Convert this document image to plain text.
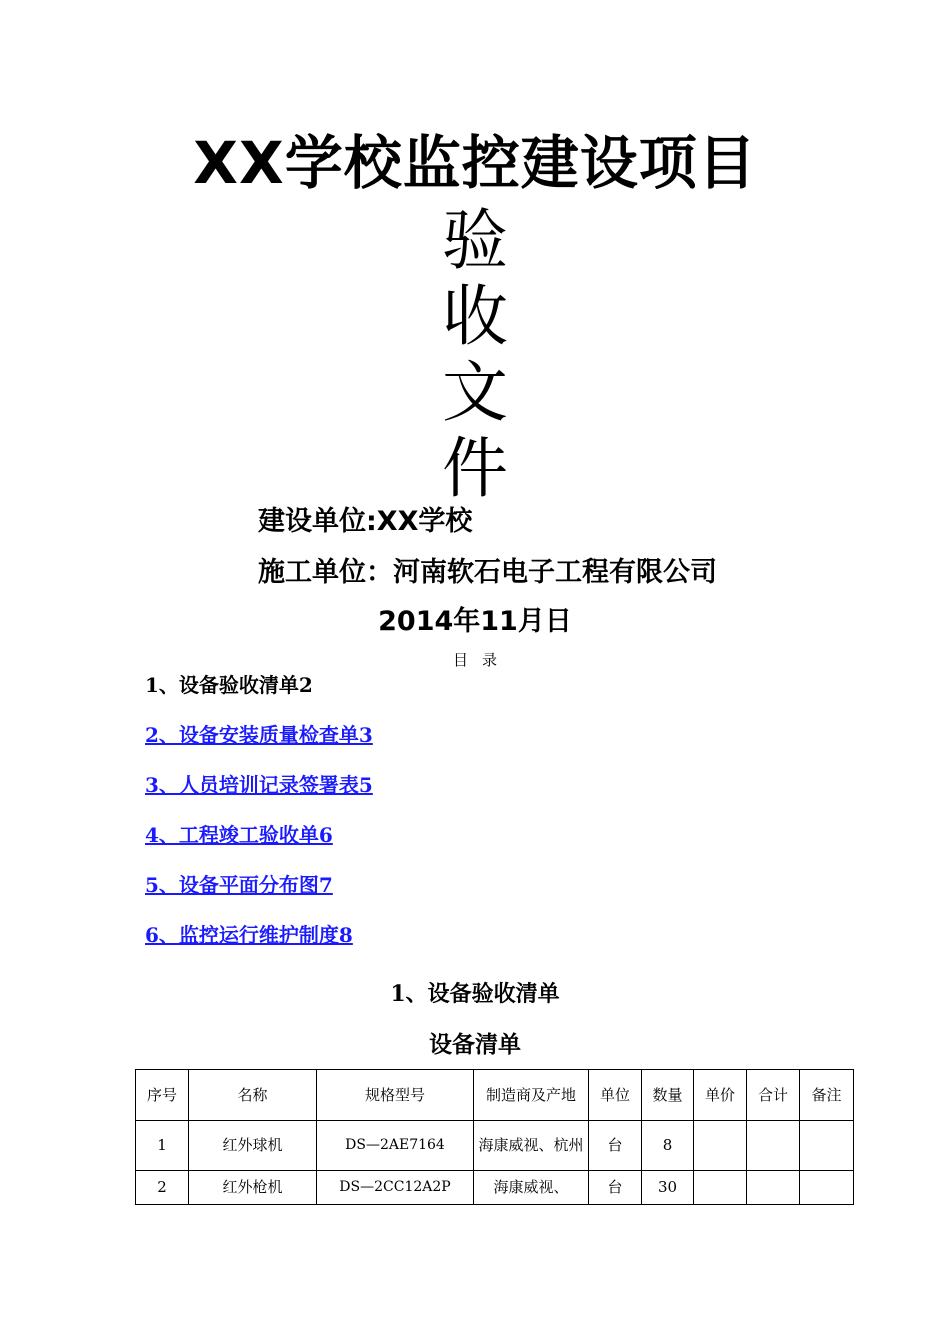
XX学校监控建设项目
验
收
文
件
建设单位:XX学校
施工单位：河南软石电子工程有限公司
2014年11月日
目录
1、设备验收清单2
2、设备安装质量检查单3
3、人员培训记录签署表5
4、工程竣工验收单6
5、设备平面分布图7
6、监控运行维护制度8
1、设备验收清单
设备清单
序号	名称	规格型号	制造商及产地	单位	数量	单价	合计	备注
1	红外球机	DS—2AE7164	海康威视、杭州	台	8			
2	红外枪机	DS—2CC12A2P	海康威视、	台	30			
